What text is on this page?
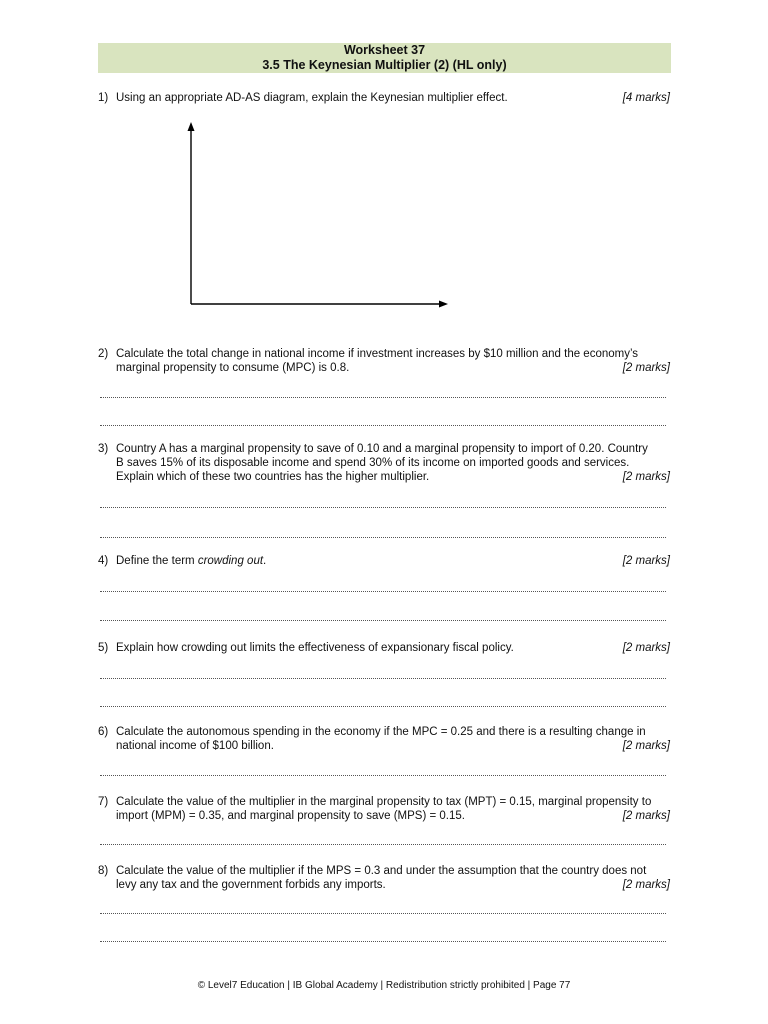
Worksheet 37
3.5 The Keynesian Multiplier (2) (HL only)
1) Using an appropriate AD-AS diagram, explain the Keynesian multiplier effect.	[4 marks]
2) Calculate the total change in national income if investment increases by $10 million and the economy’s
marginal propensity to consume (MPC) is 0.8.	[2 marks]
3) Country A has a marginal propensity to save of 0.10 and a marginal propensity to import of 0.20. Country
B saves 15% of its disposable income and spend 30% of its income on imported goods and services.
Explain which of these two countries has the higher multiplier.	[2 marks]
4) Define the term crowding out.	[2 marks]
5) Explain how crowding out limits the effectiveness of expansionary fiscal policy.	[2 marks]
6) Calculate the autonomous spending in the economy if the MPC = 0.25 and there is a resulting change in
national income of $100 billion.	[2 marks]
7) Calculate the value of the multiplier in the marginal propensity to tax (MPT) = 0.15, marginal propensity to
import (MPM) = 0.35, and marginal propensity to save (MPS) = 0.15.	[2 marks]
8) Calculate the value of the multiplier if the MPS = 0.3 and under the assumption that the country does not
levy any tax and the government forbids any imports.	[2 marks]
© Level7 Education | IB Global Academy | Redistribution strictly prohibited | Page 77
